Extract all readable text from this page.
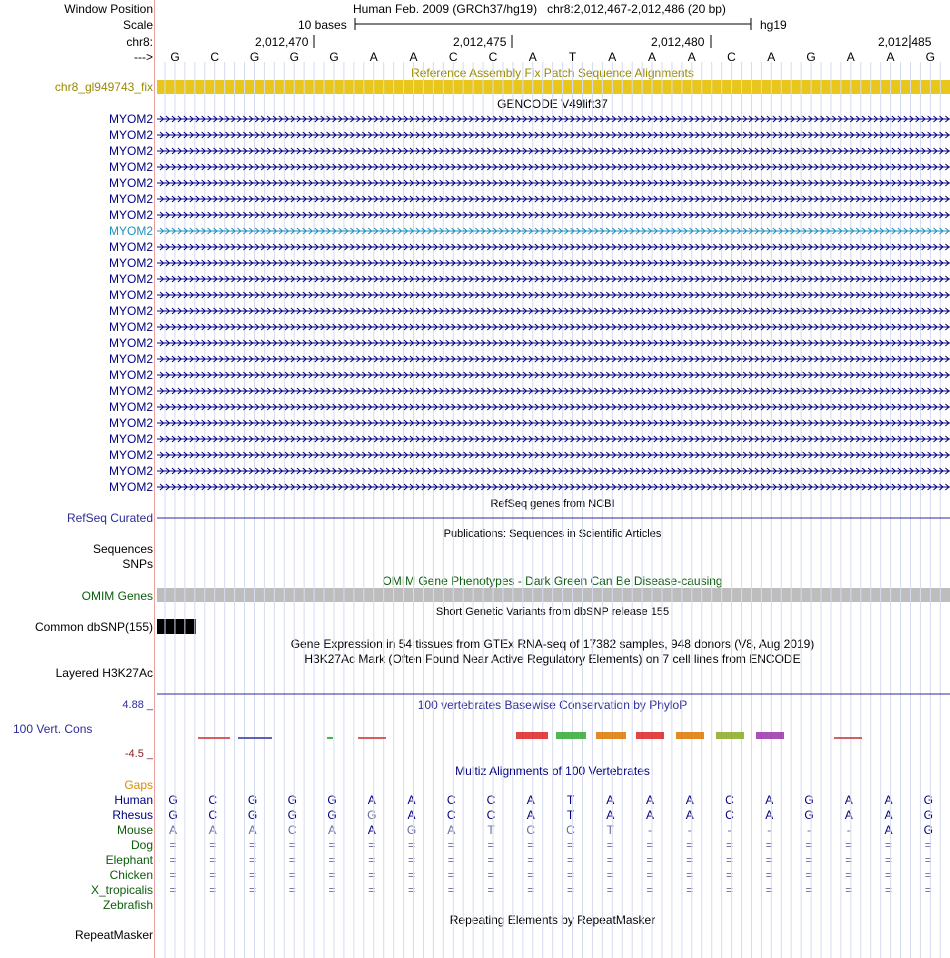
Window Position	Human Feb. 2009 (GRCh37/hg19) chr8:2,012,467-2,012,486 (20 bp)
Scale	10 bases	hg19
chr8:	2,012,470	2,012,475	2,012,480	2,012,485
--->	G	C	G	G	G	A	A	C	C	A	T	A	A	A	C	A	G	A	A	G
Reference Assembly Fix Patch Sequence Alignments
chr8_gl949743_fix
GENCODE V49lift37
MYOM2
MYOM2
MYOM2
MYOM2
MYOM2
MYOM2
MYOM2
MYOM2
MYOM2
MYOM2
MYOM2
MYOM2
MYOM2
MYOM2
MYOM2
MYOM2
MYOM2
MYOM2
MYOM2
MYOM2
MYOM2
MYOM2
MYOM2
MYOM2
RefSeq genes from NCBI
RefSeq Curated
Publications: Sequences in Scientific Articles
Sequences
SNPs
OMIM Gene Phenotypes - Dark Green Can Be Disease-causing
OMIM Genes
Short Genetic Variants from dbSNP release 155
Common dbSNP(155)
Gene Expression in 54 tissues from GTEx RNA-seq of 17382 samples, 948 donors (V8, Aug 2019)
H3K27Ac Mark (Often Found Near Active Regulatory Elements) on 7 cell lines from ENCODE
Layered H3K27Ac
4.88 _	100 vertebrates Basewise Conservation by PhyloP
100 Vert. Cons
-4.5 _
Multiz Alignments of 100 Vertebrates
Gaps
Human	G	C	G	G	G	A	A	C	C	A	T	A	A	A	C	A	G	A	A	G
Rhesus	G	C	G	G	G	G	A	C	C	A	T	A	A	A	C	A	G	A	A	G
Mouse	A	A	A	C	A	A	G	A	T	C	C	T	-	-	-	-	-	-	A	G
Dog	=	=	=	=	=	=	=	=	=	=	=	=	=	=	=	=	=	=	=	=
Elephant	=	=	=	=	=	=	=	=	=	=	=	=	=	=	=	=	=	=	=	=
Chicken	=	=	=	=	=	=	=	=	=	=	=	=	=	=	=	=	=	=	=	=
X_tropicalis	=	=	=	=	=	=	=	=	=	=	=	=	=	=	=	=	=	=	=	=
Zebrafish
Repeating Elements by RepeatMasker
RepeatMasker
